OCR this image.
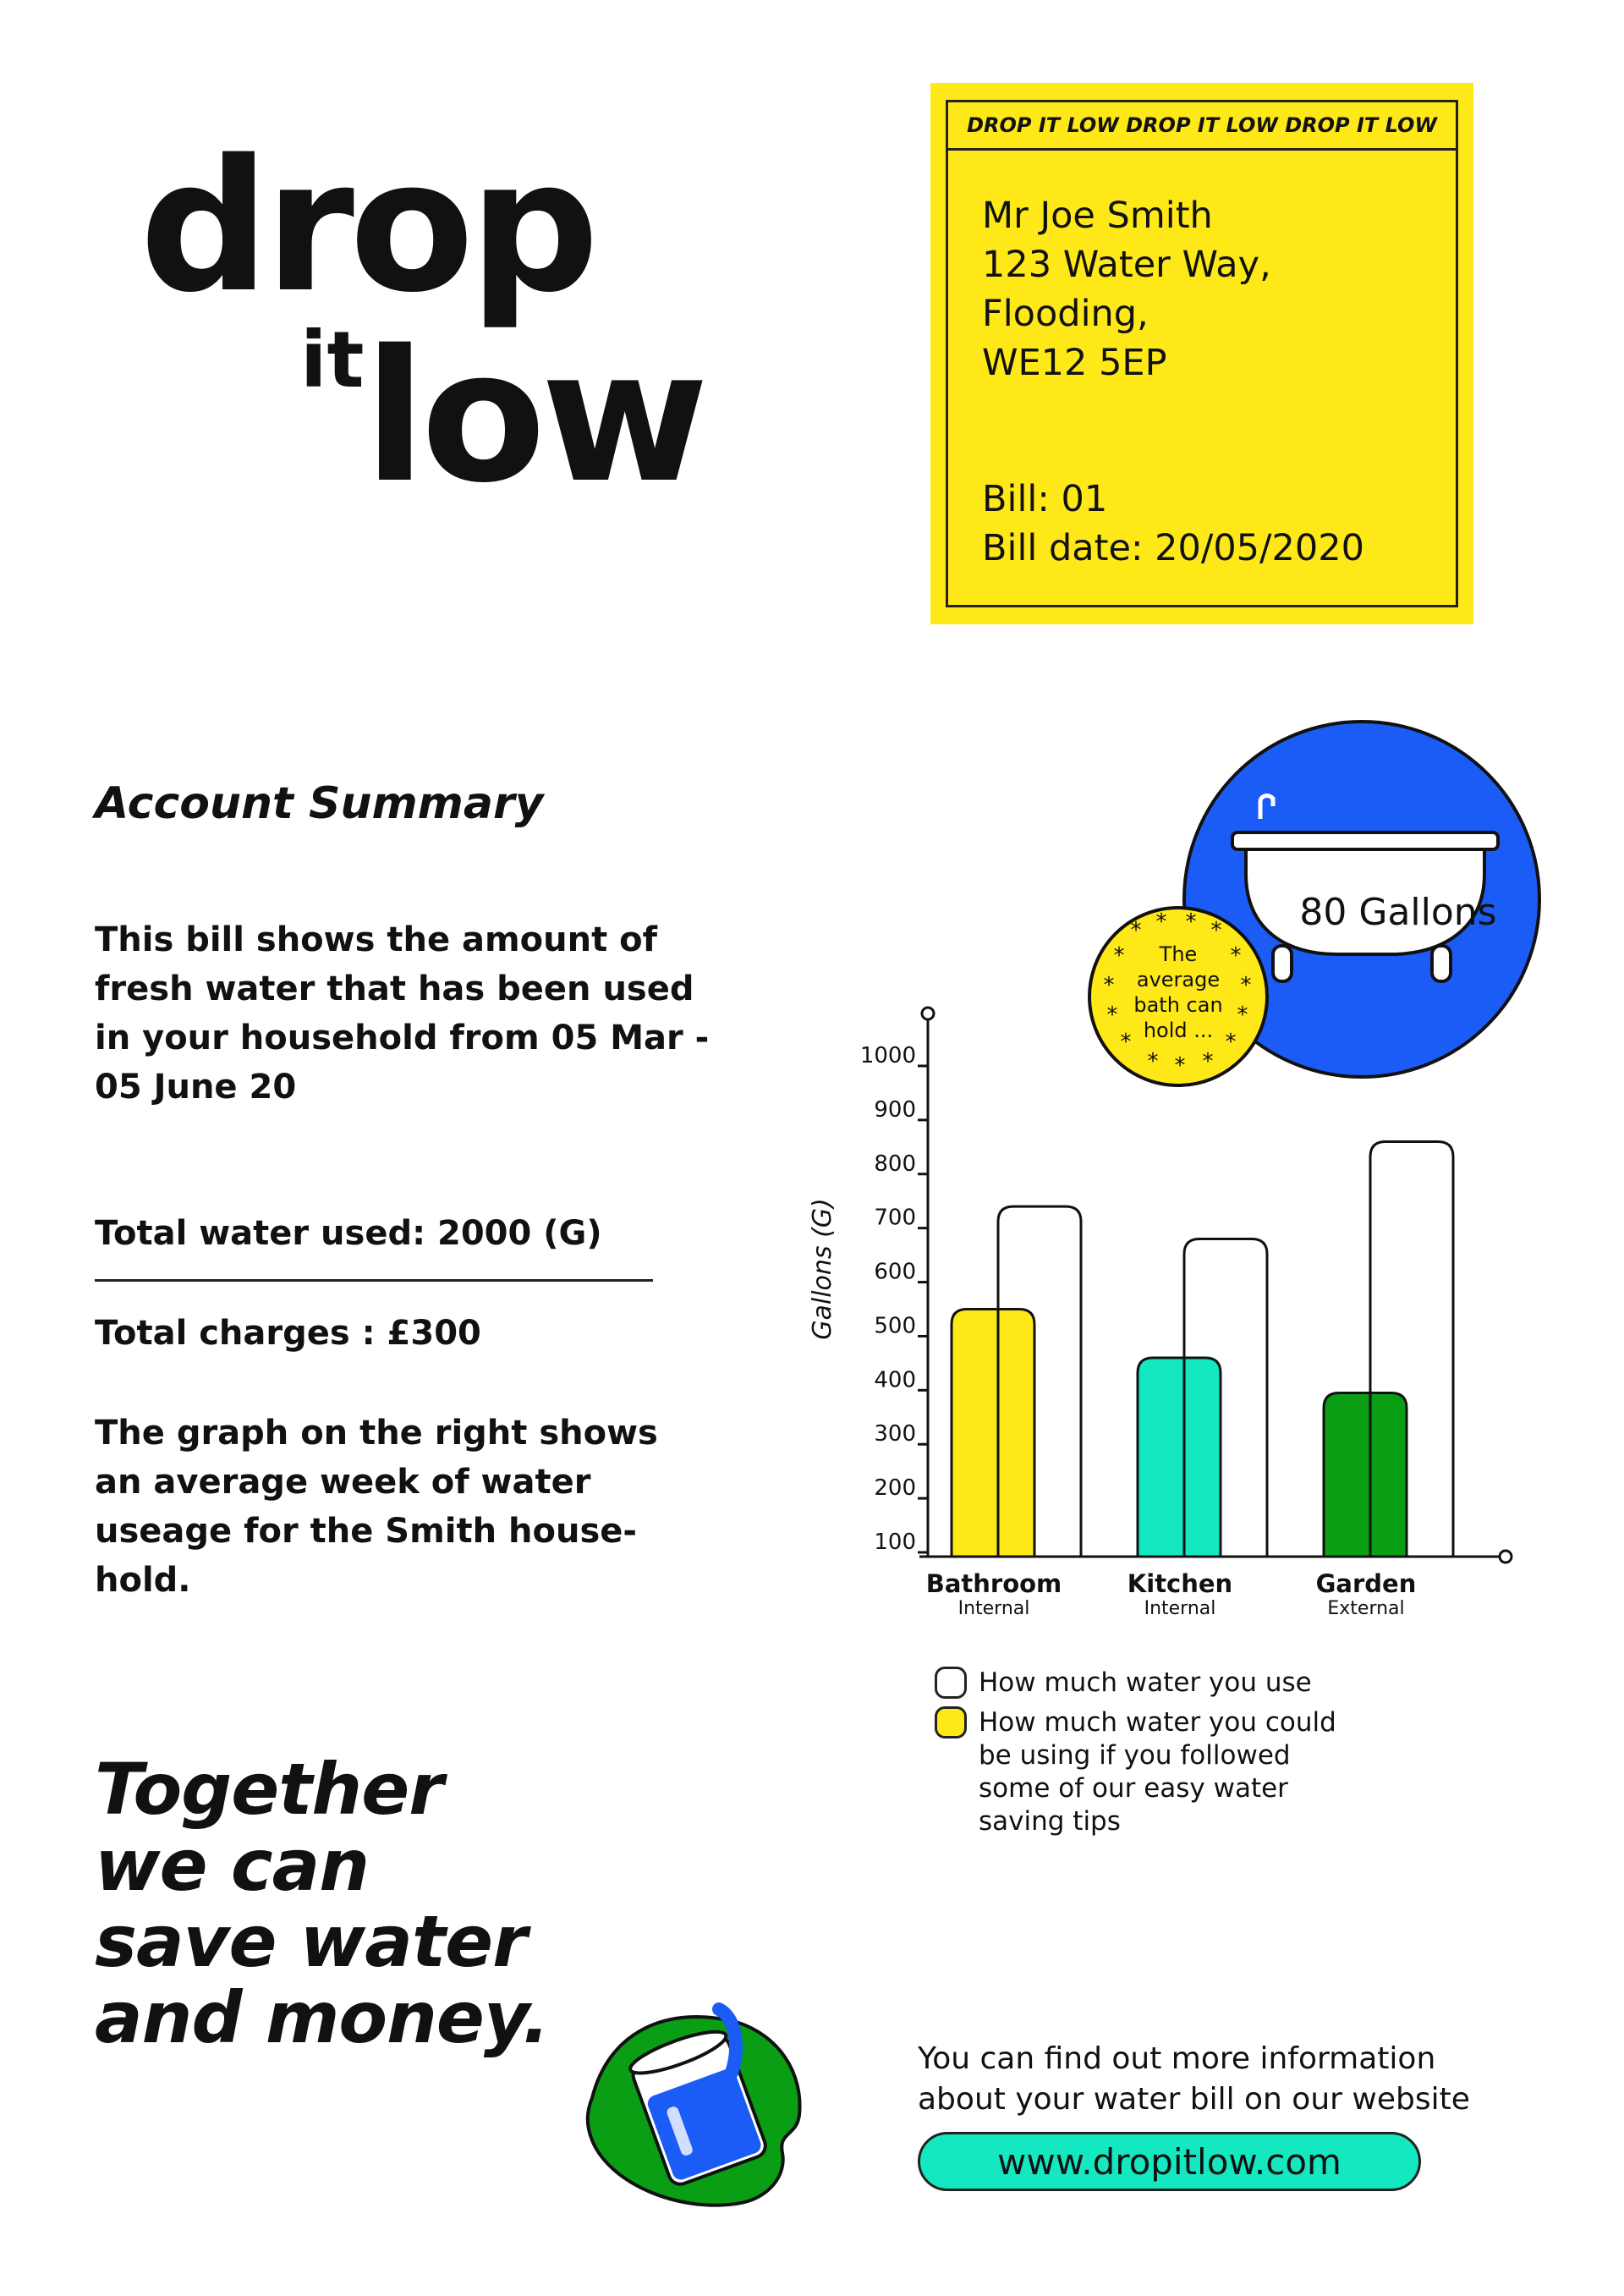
drop
it low
DROP IT LOW DROP IT LOW DROP IT LOW
Mr Joe Smith
123 Water Way,
Flooding,
WE12 5EP
Bill: 01
Bill date: 20/05/2020
Account Summary
This bill shows the amount of fresh water that has been used in your household from 05 Mar - 05 June 20
Total water used: 2000 (G)
Total charges : £300
The graph on the right shows an average week of water useage for the Smith house-hold.
Together
we can
save water
and money.
80 Gallons
* * * *
*	*
*	*
*	*
*	*
* * *
The
average
bath can
hold ...
100
200
300
400
500
600
700
800
900
1000
Bathroom
Internal
Kitchen
Internal
Garden
External
Gallons (G)
How much water you use
How much water you could be using if you followed some of our easy water saving tips
You can find out more information
about your water bill on our website
www.dropitlow.com
